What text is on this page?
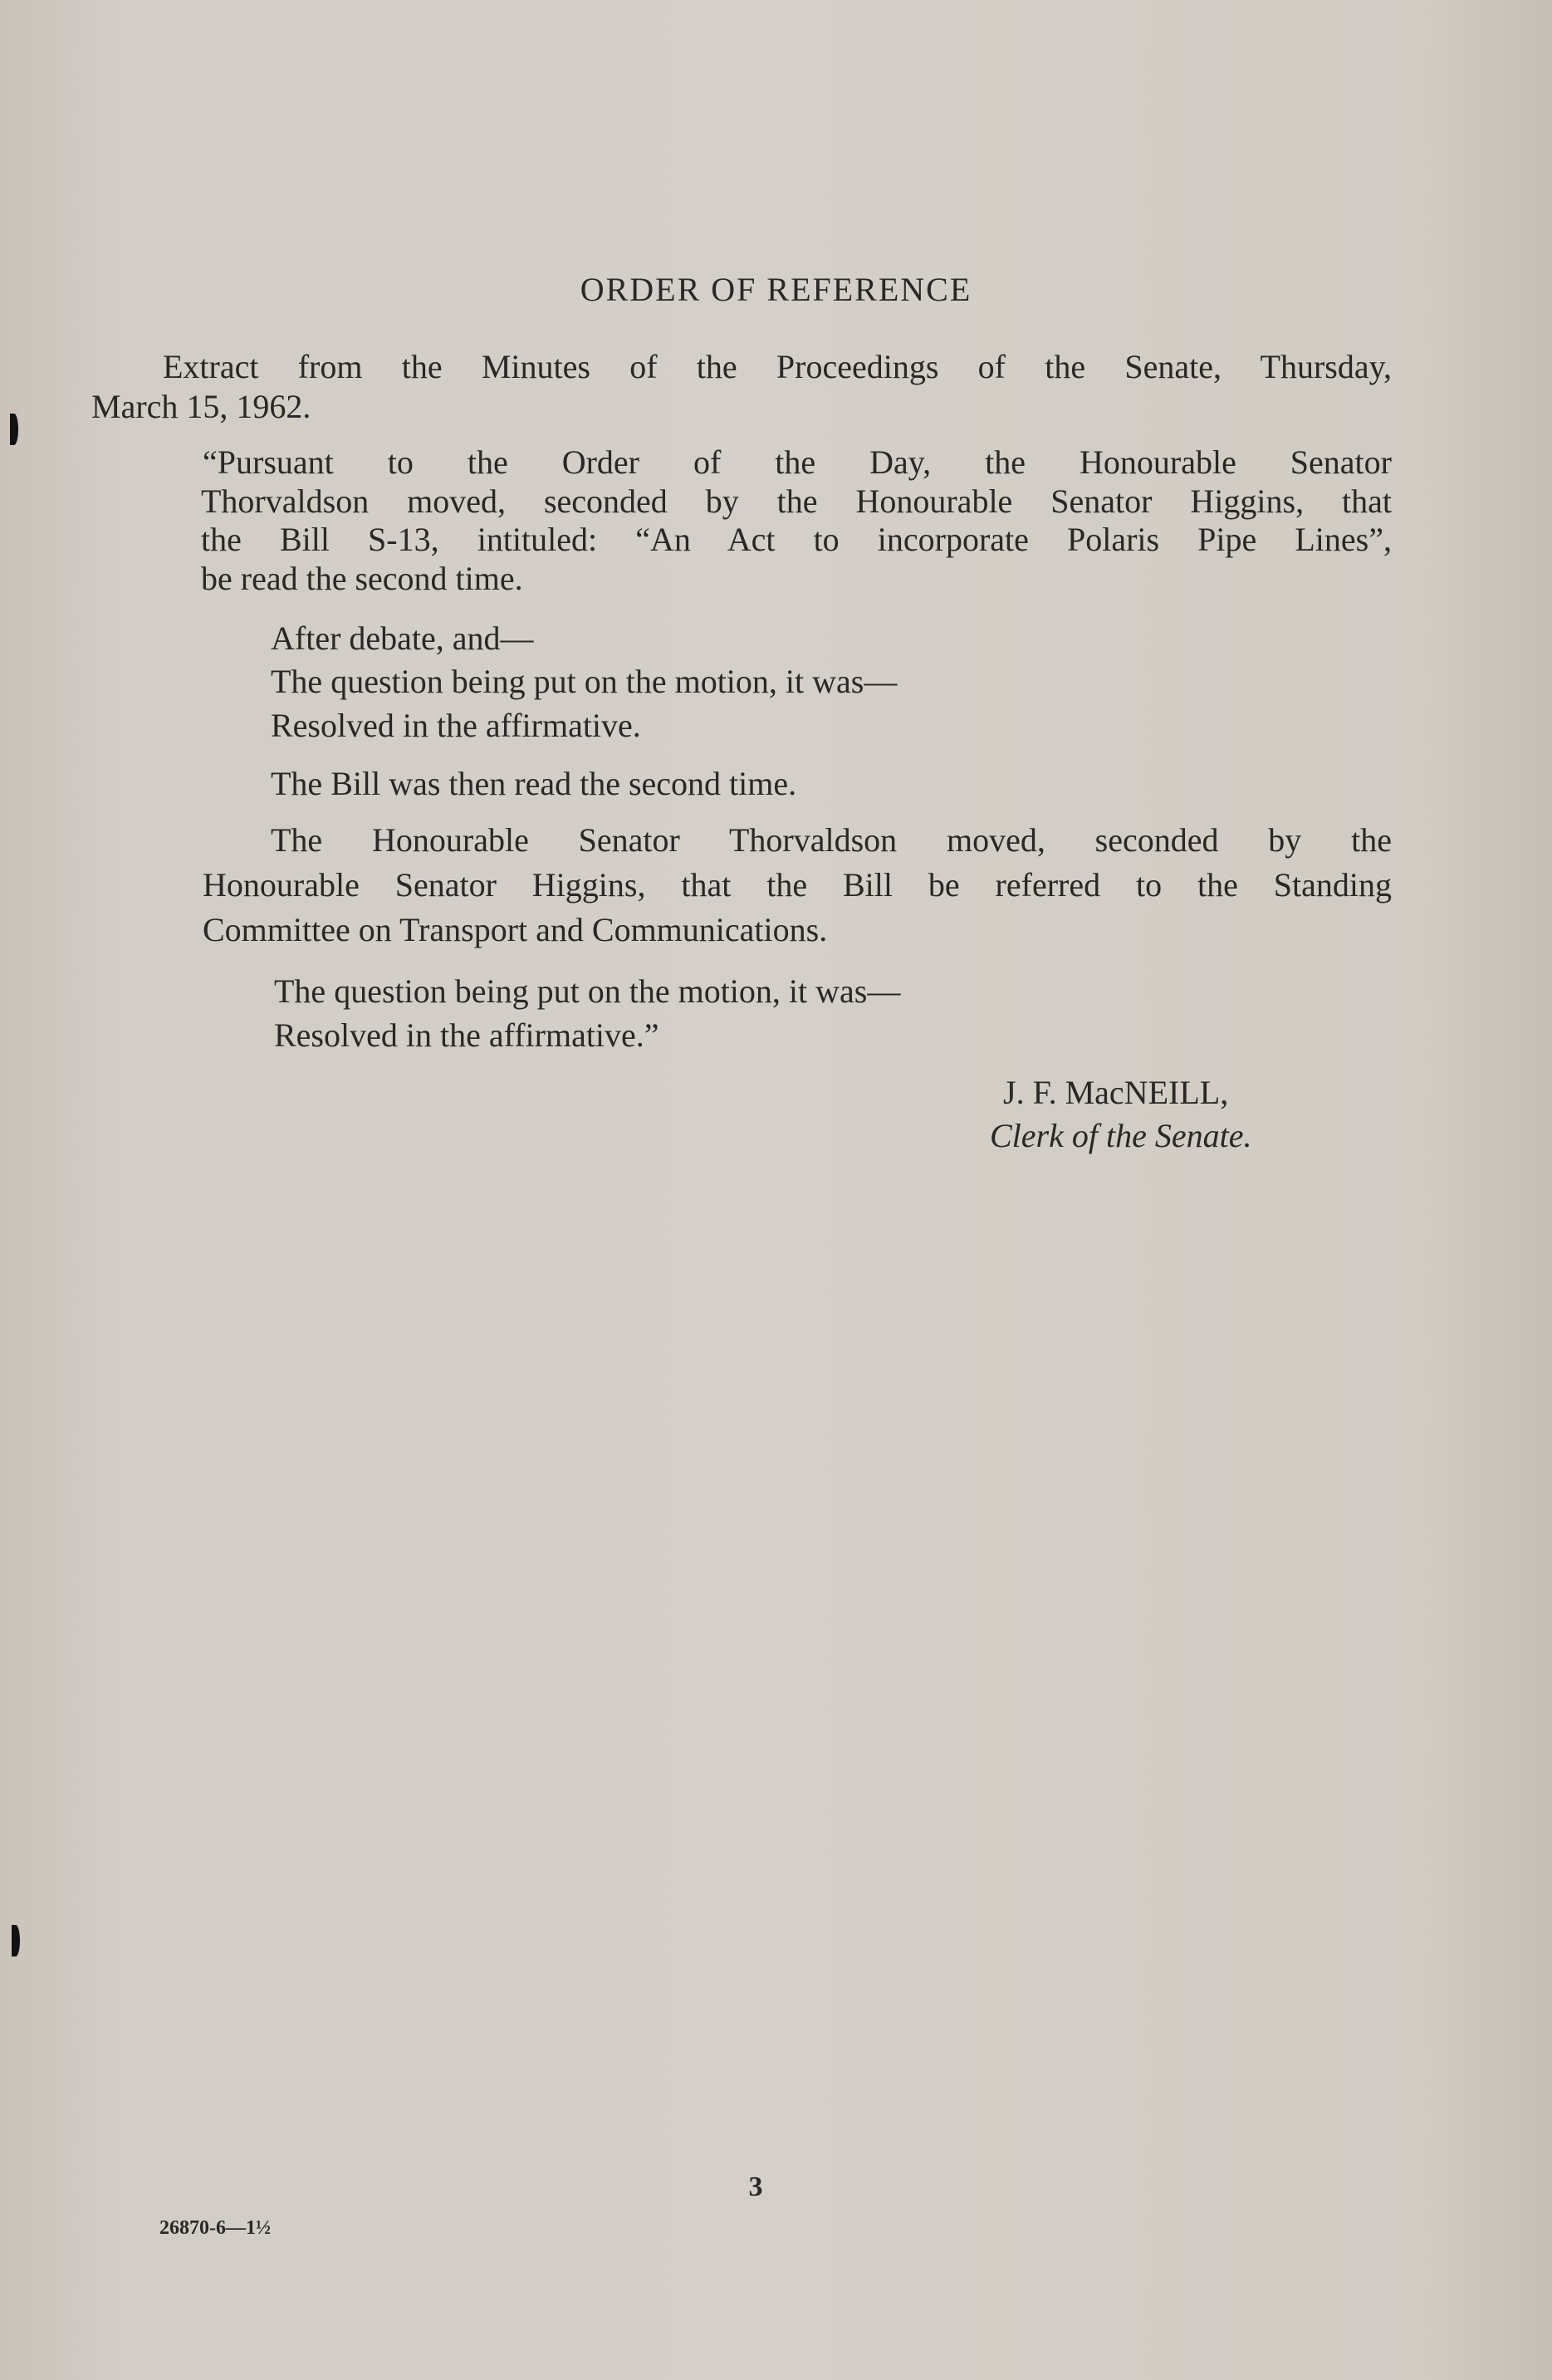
ORDER OF REFERENCE
Extract from the Minutes of the Proceedings of the Senate, Thursday,
March 15, 1962.
“Pursuant to the Order of the Day, the Honourable Senator
Thorvaldson moved, seconded by the Honourable Senator Higgins, that
the Bill S-13, intituled: “An Act to incorporate Polaris Pipe Lines”,
be read the second time.
After debate, and—
The question being put on the motion, it was—
Resolved in the affirmative.
The Bill was then read the second time.
The Honourable Senator Thorvaldson moved, seconded by the
Honourable Senator Higgins, that the Bill be referred to the Standing
Committee on Transport and Communications.
The question being put on the motion, it was—
Resolved in the affirmative.”
J. F. MacNEILL,
Clerk of the Senate.
3
26870-6—1½
